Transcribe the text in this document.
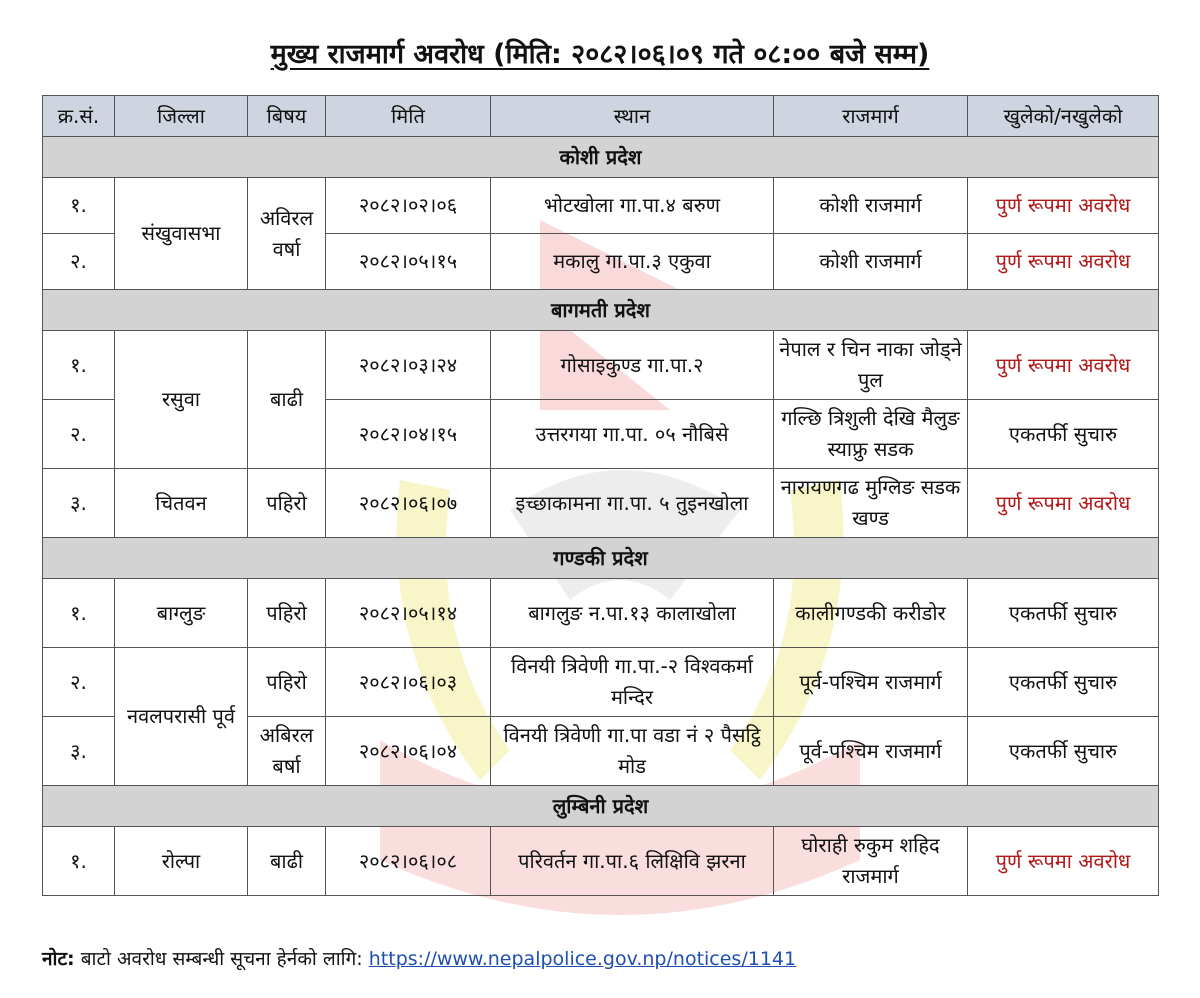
मुख्य राजमार्ग अवरोध (मिति: २०८२।०६।०९ गते ०८:०० बजे सम्म)
क्र.सं.	जिल्ला	बिषय	मिति	स्थान	राजमार्ग	खुलेको/नखुलेको
कोशी प्रदेश						
१.	संखुवासभा	अविरल वर्षा	२०८२।०२।०६	भोटखोला गा.पा.४ बरुण	कोशी राजमार्ग	पुर्ण रूपमा अवरोध
२.			२०८२।०५।१५	मकालु गा.पा.३ एकुवा	कोशी राजमार्ग	पुर्ण रूपमा अवरोध
बागमती प्रदेश						
१.	रसुवा	बाढी	२०८२।०३।२४	गोसाइकुण्ड गा.पा.२	नेपाल र चिन नाका जोड्ने पुल	पुर्ण रूपमा अवरोध
२.			२०८२।०४।१५	उत्तरगया गा.पा. ०५ नौबिसे	गल्छि त्रिशुली देखि मैलुङ स्याफ्रु सडक	एकतर्फी सुचारु
३.	चितवन	पहिरो	२०८२।०६।०७	इच्छाकामना गा.पा. ५ तुइनखोला	नारायणगढ मुग्लिङ सडक खण्ड	पुर्ण रूपमा अवरोध
गण्डकी प्रदेश						
१.	बाग्लुङ	पहिरो	२०८२।०५।१४	बागलुङ न.पा.१३ कालाखोला	कालीगण्डकी करीडोर	एकतर्फी सुचारु
२.	नवलपरासी पूर्व	पहिरो	२०८२।०६।०३	विनयी त्रिवेणी गा.पा.-२ विश्वकर्मा मन्दिर	पूर्व-पश्चिम राजमार्ग	एकतर्फी सुचारु
३.		अबिरल बर्षा	२०८२।०६।०४	विनयी त्रिवेणी गा.पा वडा नं २ पैसट्ठि मोड	पूर्व-पश्चिम राजमार्ग	एकतर्फी सुचारु
लुम्बिनी प्रदेश						
१.	रोल्पा	बाढी	२०८२।०६।०८	परिवर्तन गा.पा.६ लिक्षिवि झरना	घोराही रुकुम शहिद राजमार्ग	पुर्ण रूपमा अवरोध
नोट: बाटो अवरोध सम्बन्धी सूचना हेर्नको लागि: https://www.nepalpolice.gov.np/notices/1141
